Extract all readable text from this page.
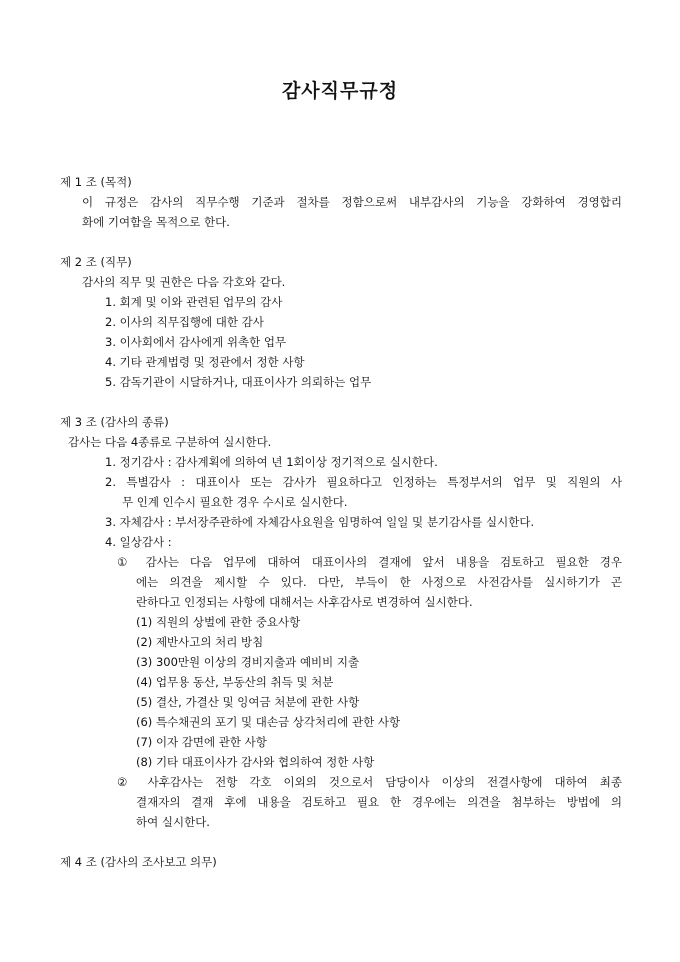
감사직무규정
제 1 조 (목적)
이 규정은 감사의 직무수행 기준과 절차를 정함으로써 내부감사의 기능을 강화하여 경영합리
화에 기여함을 목적으로 한다.
제 2 조 (직무)
감사의 직무 및 권한은 다음 각호와 같다.
1. 회계 및 이와 관련된 업무의 감사
2. 이사의 직무집행에 대한 감사
3. 이사회에서 감사에게 위촉한 업무
4. 기타 관계법령 및 정관에서 정한 사항
5. 감독기관이 시달하거나, 대표이사가 의뢰하는 업무
제 3 조 (감사의 종류)
감사는 다음 4종류로 구분하여 실시한다.
1. 정기감사 : 감사계획에 의하여 년 1회이상 정기적으로 실시한다.
2. 특별감사 : 대표이사 또는 감사가 필요하다고 인정하는 특정부서의 업무 및 직원의 사
무 인계 인수시 필요한 경우 수시로 실시한다.
3. 자체감사 : 부서장주관하에 자체감사요원을 임명하여 일일 및 분기감사를 실시한다.
4. 일상감사 :
① 감사는 다음 업무에 대하여 대표이사의 결재에 앞서 내용을 검토하고 필요한 경우
에는 의견을 제시할 수 있다. 다만, 부득이 한 사정으로 사전감사를 실시하기가 곤
란하다고 인정되는 사항에 대해서는 사후감사로 변경하여 실시한다.
(1) 직원의 상벌에 관한 중요사항
(2) 제반사고의 처리 방침
(3) 300만원 이상의 경비지출과 예비비 지출
(4) 업무용 동산, 부동산의 취득 및 처분
(5) 결산, 가결산 및 잉여금 처분에 관한 사항
(6) 특수채권의 포기 및 대손금 상각처리에 관한 사항
(7) 이자 감면에 관한 사항
(8) 기타 대표이사가 감사와 협의하여 정한 사항
② 사후감사는 전항 각호 이외의 것으로서 담당이사 이상의 전결사항에 대하여 최종
결재자의 결재 후에 내용을 검토하고 필요 한 경우에는 의견을 첨부하는 방법에 의
하여 실시한다.
제 4 조 (감사의 조사보고 의무)
